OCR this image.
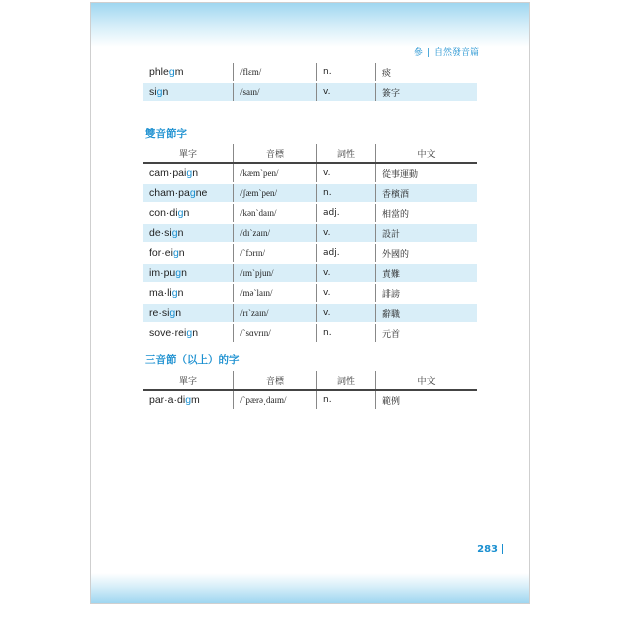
參 | 自然發音篇
phlegm	/flɛm/	n.	痰
sign	/saɪn/	v.	簽字
雙音節字
單字	音標	詞性	中文
cam·paign	/kæmˋpen/	v.	從事運動
cham·pagne	/ʃæmˋpen/	n.	香檳酒
con·dign	/kənˋdaɪn/	adj.	相當的
de·sign	/dɪˋzaɪn/	v.	設計
for·eign	/ˋfɔrɪn/	adj.	外國的
im·pugn	/ɪmˋpjun/	v.	責難
ma·lign	/məˋlaɪn/	v.	誹謗
re·sign	/rɪˋzaɪn/	v.	辭職
sove·reign	/ˋsɑvrɪn/	n.	元首
三音節（以上）的字
單字	音標	詞性	中文
par·a·digm	/ˋpærə͵daɪm/	n.	範例
283
